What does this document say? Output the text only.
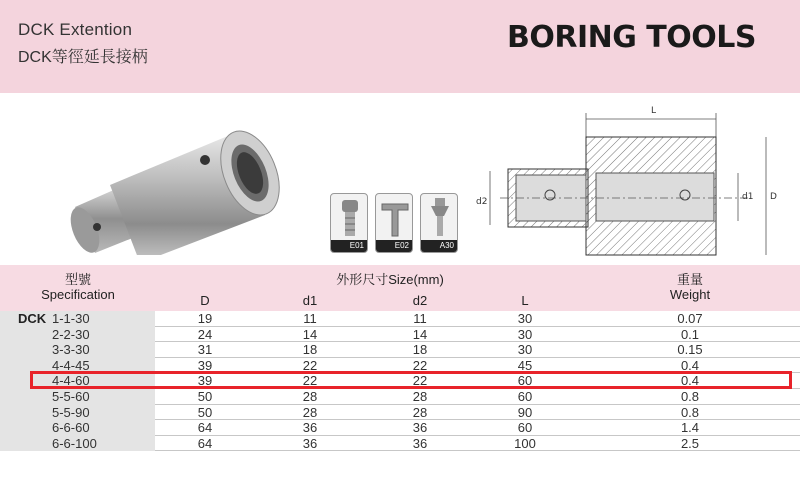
DCK Extention
DCK等徑延長接柄
BORING TOOLS
E01	E02	A30
L
d2	d1 D
型號
Specification
外形尺寸Size(mm)
D	d1	d2	L
重量
Weight
DCK 1-1-30	19	11	11	30	0.07
2-2-30	24	14	14	30	0.1
3-3-30	31	18	18	30	0.15
4-4-45	39	22	22	45	0.4
4-4-60	39	22	22	60	0.4
5-5-60	50	28	28	60	0.8
5-5-90	50	28	28	90	0.8
6-6-60	64	36	36	60	1.4
6-6-100	64	36	36	100	2.5
